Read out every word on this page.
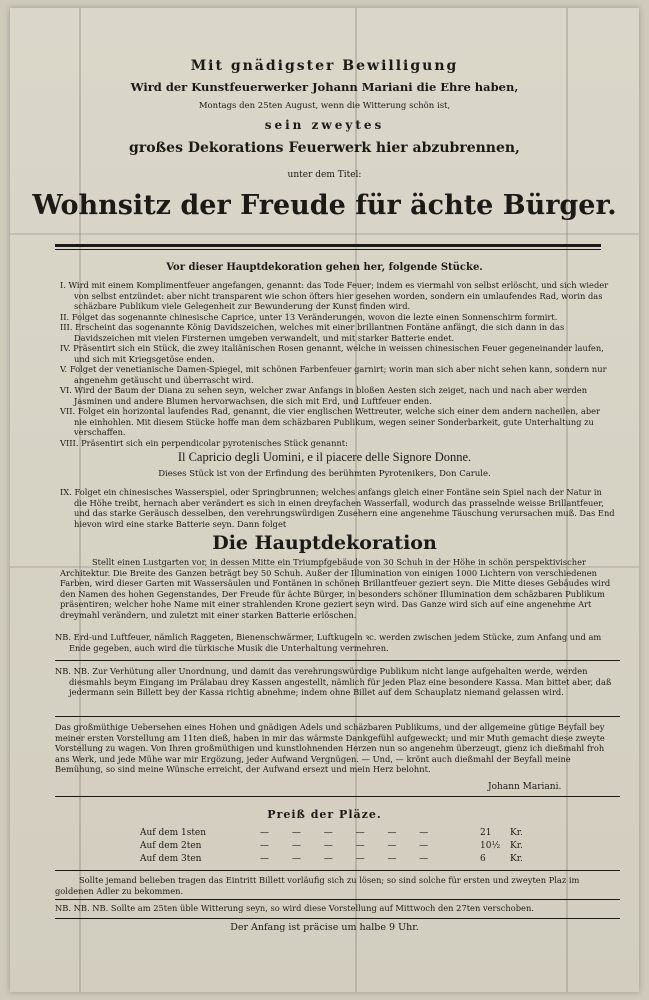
Mit gnädigster Bewilligung
Wird der Kunstfeuerwerker Johann Mariani die Ehre haben,
Montags den 25ten August, wenn die Witterung schön ist,
sein zweytes
großes Dekorations Feuerwerk hier abzubrennen,
unter dem Titel:
Wohnsitz der Freude für ächte Bürger.
Vor dieser Hauptdekoration gehen her, folgende Stücke.

I. Wird mit einem Komplimentfeuer angefangen, genannt: das Tode Feuer; indem es viermahl von selbst erlöscht, und sich wieder von selbst entzündet: aber nicht transparent wie schon öfters hier gesehen worden, sondern ein umlaufendes Rad, worin das schäzbare Publikum viele Gelegenheit zur Bewunderung der Kunst finden wird.

II. Folget das sogenannte chinesische Caprice, unter 13 Veränderungen, wovon die lezte einen Sonnenschirm formirt.

III. Erscheint das sogenannte König Davidszeichen, welches mit einer brillantnen Fontäne anfängt, die sich dann in das Davidszeichen mit vielen Firsternen umgeben verwandelt, und mit starker Batterie endet.

IV. Präsentirt sich ein Stück, die zwey italiänischen Rosen genannt, welche in weissen chinesischen Feuer gegeneinander laufen, und sich mit Kriegsgetöse enden.

V. Folget der venetianische Damen-Spiegel, mit schönen Farbenfeuer garnirt; worin man sich aber nicht sehen kann, sondern nur angenehm getäuscht und überrascht wird.

VI. Wird der Baum der Diana zu sehen seyn, welcher zwar Anfangs in bloßen Aesten sich zeiget, nach und nach aber werden Jasminen und andere Blumen hervorwachsen, die sich mit Erd, und Luftfeuer enden.

VII. Folget ein horizontal laufendes Rad, genannt, die vier englischen Wettreuter, welche sich einer dem andern nacheilen, aber nie einhohlen. Mit diesem Stücke hoffe man dem schäzbaren Publikum, wegen seiner Sonderbarkeit, gute Unterhaltung zu verschaffen.

VIII. Präsentirt sich ein perpendicolar pyrotenisches Stück genannt:

Il Capricio degli Uomini, e il piacere delle Signore Donne.
Dieses Stück ist von der Erfindung des berühmten Pyrotenikers, Don Carule.

IX. Folget ein chinesisches Wasserspiel, oder Springbrunnen; welches anfangs gleich einer Fontäne sein Spiel nach der Natur in die Höhe treibt, hernach aber verändert es sich in einen dreyfachen Wasserfall, wodurch das prasselnde weisse Brillantfeuer, und das starke Geräusch desselben, den verehrungswürdigen Zusehern eine angenehme Täuschung verursachen muß. Das End hievon wird eine starke Batterie seyn. Dann folget

Die Hauptdekoration
Stellt einen Lustgarten vor, in dessen Mitte ein Triumpfgebäude von 30 Schuh in der Höhe in schön perspektivischer Architektur. Die Breite des Ganzen beträgt bey 50 Schuh. Außer der Illumination von einigen 1000 Lichtern von verschiedenen Farben, wird dieser Garten mit Wassersäulen und Fontänen in schönen Brillantfeuer geziert seyn. Die Mitte dieses Gebäudes wird den Namen des hohen Gegenstandes, Der Freude für ächte Bürger, in besonders schöner Illumination dem schäzbaren Publikum präsentiren; welcher hohe Name mit einer strahlenden Krone geziert seyn wird. Das Ganze wird sich auf eine angenehme Art dreymahl verändern, und zuletzt mit einer starken Batterie erlöschen.

NB. Erd-und Luftfeuer, nämlich Raggeten, Bienenschwärmer, Luftkugeln ꝛc. werden zwischen jedem Stücke, zum Anfang und am Ende gegeben, auch wird die türkische Musik die Unterhaltung vermehren.

NB. NB. Zur Verhütung aller Unordnung, und damit das verehrungswürdige Publikum nicht lange aufgehalten werde, werden diesmahls beym Eingang im Prälabau drey Kassen angestellt, nämlich für jeden Plaz eine besondere Kassa. Man bittet aber, daß jedermann sein Billett bey der Kassa richtig abnehme; indem ohne Billet auf dem Schauplatz niemand gelassen wird.

Das großmüthige Uebersehen eines Hohen und gnädigen Adels und schäzbaren Publikums, und der allgemeine gütige Beyfall bey meiner ersten Vorstellung am 11ten dieß, haben in mir das wärmste Dankgefühl aufgeweckt; und mir Muth gemacht diese zweyte Vorstellung zu wagen. Von Ihren großmüthigen und kunstlohnenden Herzen nun so angenehm überzeugt, gienz ich dießmahl froh ans Werk, und jede Mühe war mir Ergözung, jeder Aufwand Vergnügen. — Und, — krönt auch dießmahl der Beyfall meine Bemühung, so sind meine Wünsche erreicht, der Aufwand ersezt und mein Herz belohnt.
Johann Mariani.
Preiß der Pläze.
Auf dem 1sten	— — — — — —	21 Kr.
Auf dem 2ten	— — — — — —	10½ Kr.
Auf dem 3ten	— — — — — —	6	Kr.

Sollte jemand belieben tragen das Eintritt Billett vorläufig sich zu lösen; so sind solche für ersten und zweyten Plaz im goldenen Adler zu bekommen.

NB. NB. NB. Sollte am 25ten üble Witterung seyn, so wird diese Vorstellung auf Mittwoch den 27ten verschoben.
Der Anfang ist präcise um halbe 9 Uhr.
